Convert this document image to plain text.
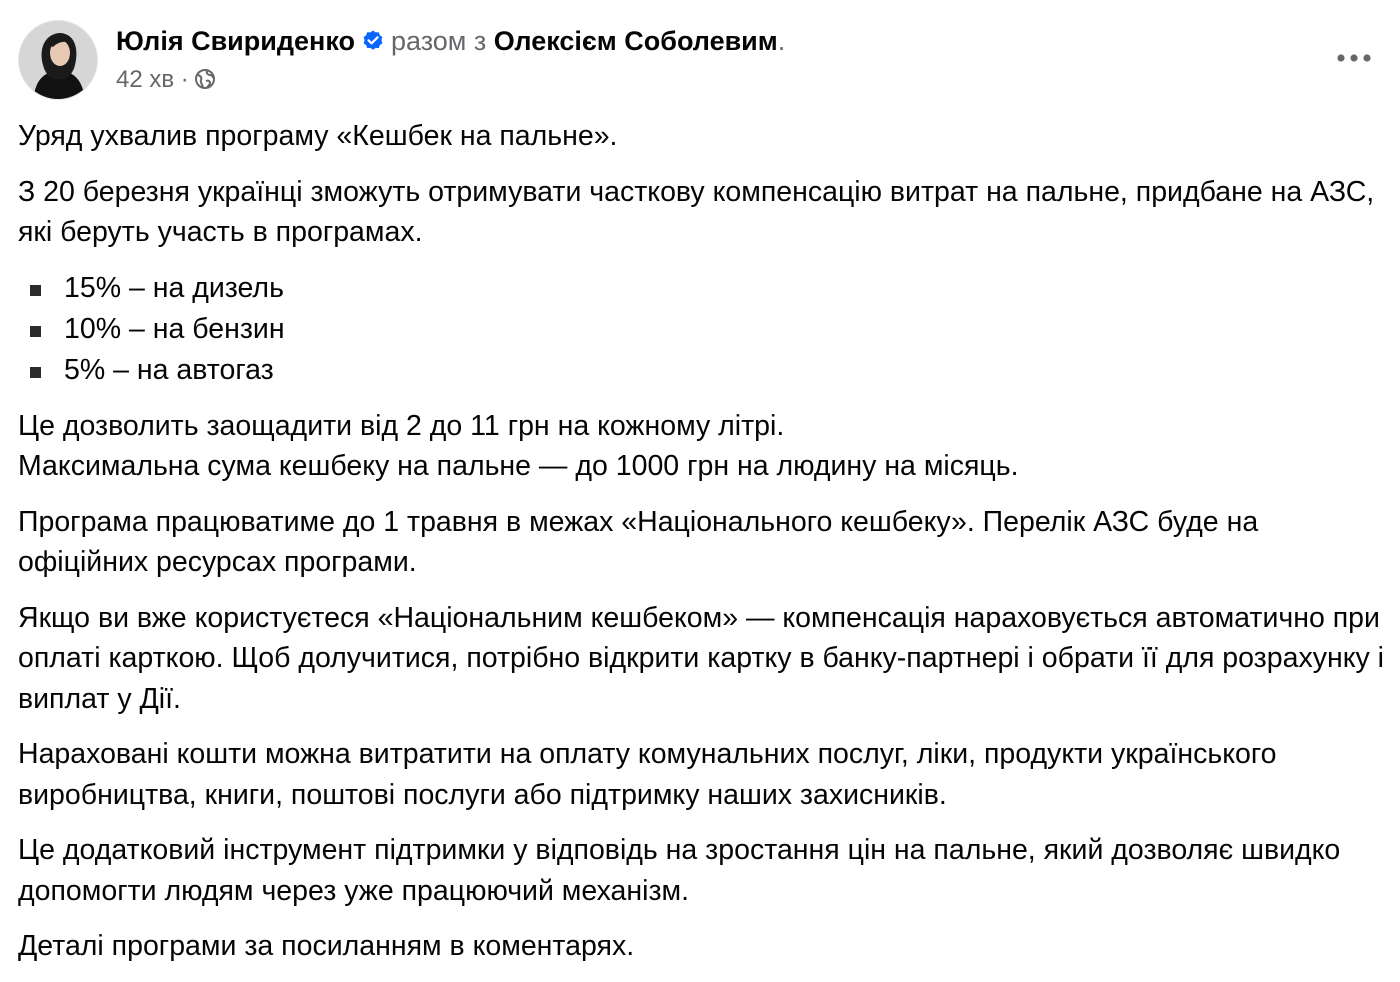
Юлія Свириденко разом з Олексієм Соболевим.
42 хв ·

Уряд ухвалив програму «Кешбек на пальне».

З 20 березня українці зможуть отримувати часткову компенсацію витрат на пальне, придбане на АЗС, які беруть участь в програмах.

15% – на дизель
10% – на бензин
5% – на автогаз

Це дозволить заощадити від 2 до 11 грн на кожному літрі.
Максимальна сума кешбеку на пальне — до 1000 грн на людину на місяць.

Програма працюватиме до 1 травня в межах «Національного кешбеку». Перелік АЗС буде на офіційних ресурсах програми.

Якщо ви вже користуєтеся «Національним кешбеком» — компенсація нараховується автоматично при оплаті карткою. Щоб долучитися, потрібно відкрити картку в банку-партнері і обрати її для розрахунку і виплат у Дії.

Нараховані кошти можна витратити на оплату комунальних послуг, ліки, продукти українського виробництва, книги, поштові послуги або підтримку наших захисників.

Це додатковий інструмент підтримки у відповідь на зростання цін на пальне, який дозволяє швидко допомогти людям через уже працюючий механізм.

Деталі програми за посиланням в коментарях.
